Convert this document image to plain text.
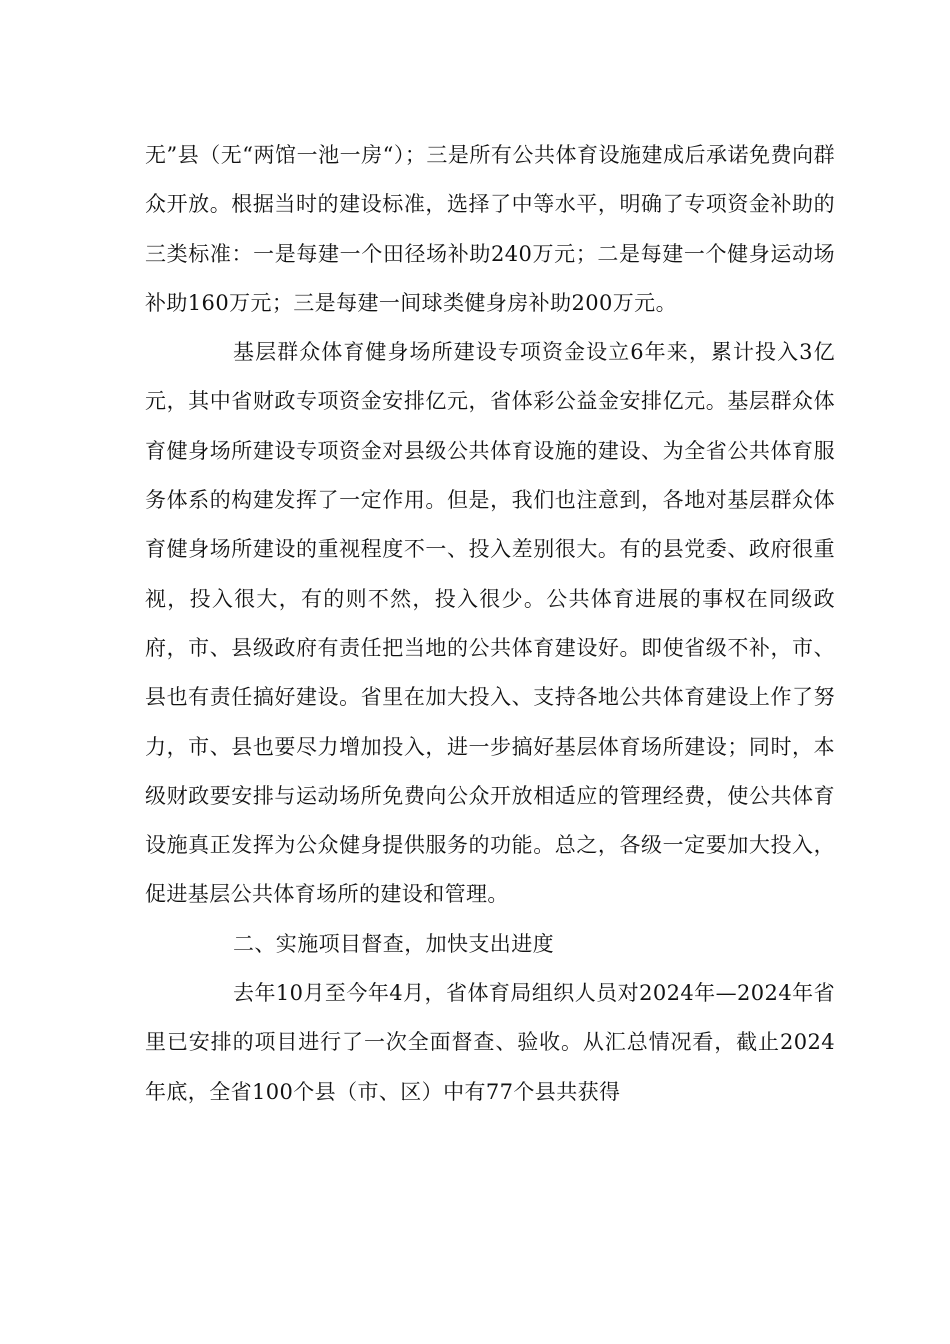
无”县（无“两馆一池一房“）；三是所有公共体育设施建成后承诺免费向群众开放。根据当时的建设标准，选择了中等水平，明确了专项资金补助的三类标准：一是每建一个田径场补助240万元；二是每建一个健身运动场补助160万元；三是每建一间球类健身房补助200万元。

基层群众体育健身场所建设专项资金设立6年来，累计投入3亿元，其中省财政专项资金安排亿元，省体彩公益金安排亿元。基层群众体育健身场所建设专项资金对县级公共体育设施的建设、为全省公共体育服务体系的构建发挥了一定作用。但是，我们也注意到，各地对基层群众体育健身场所建设的重视程度不一、投入差别很大。有的县党委、政府很重视，投入很大，有的则不然，投入很少。公共体育进展的事权在同级政府，市、县级政府有责任把当地的公共体育建设好。即使省级不补，市、县也有责任搞好建设。省里在加大投入、支持各地公共体育建设上作了努力，市、县也要尽力增加投入，进一步搞好基层体育场所建设；同时，本级财政要安排与运动场所免费向公众开放相适应的管理经费，使公共体育设施真正发挥为公众健身提供服务的功能。总之，各级一定要加大投入，促进基层公共体育场所的建设和管理。

二、实施项目督查，加快支出进度

去年10月至今年4月，省体育局组织人员对2024年—2024年省里已安排的项目进行了一次全面督查、验收。从汇总情况看，截止2024年底，全省100个县（市、区）中有77个县共获得
